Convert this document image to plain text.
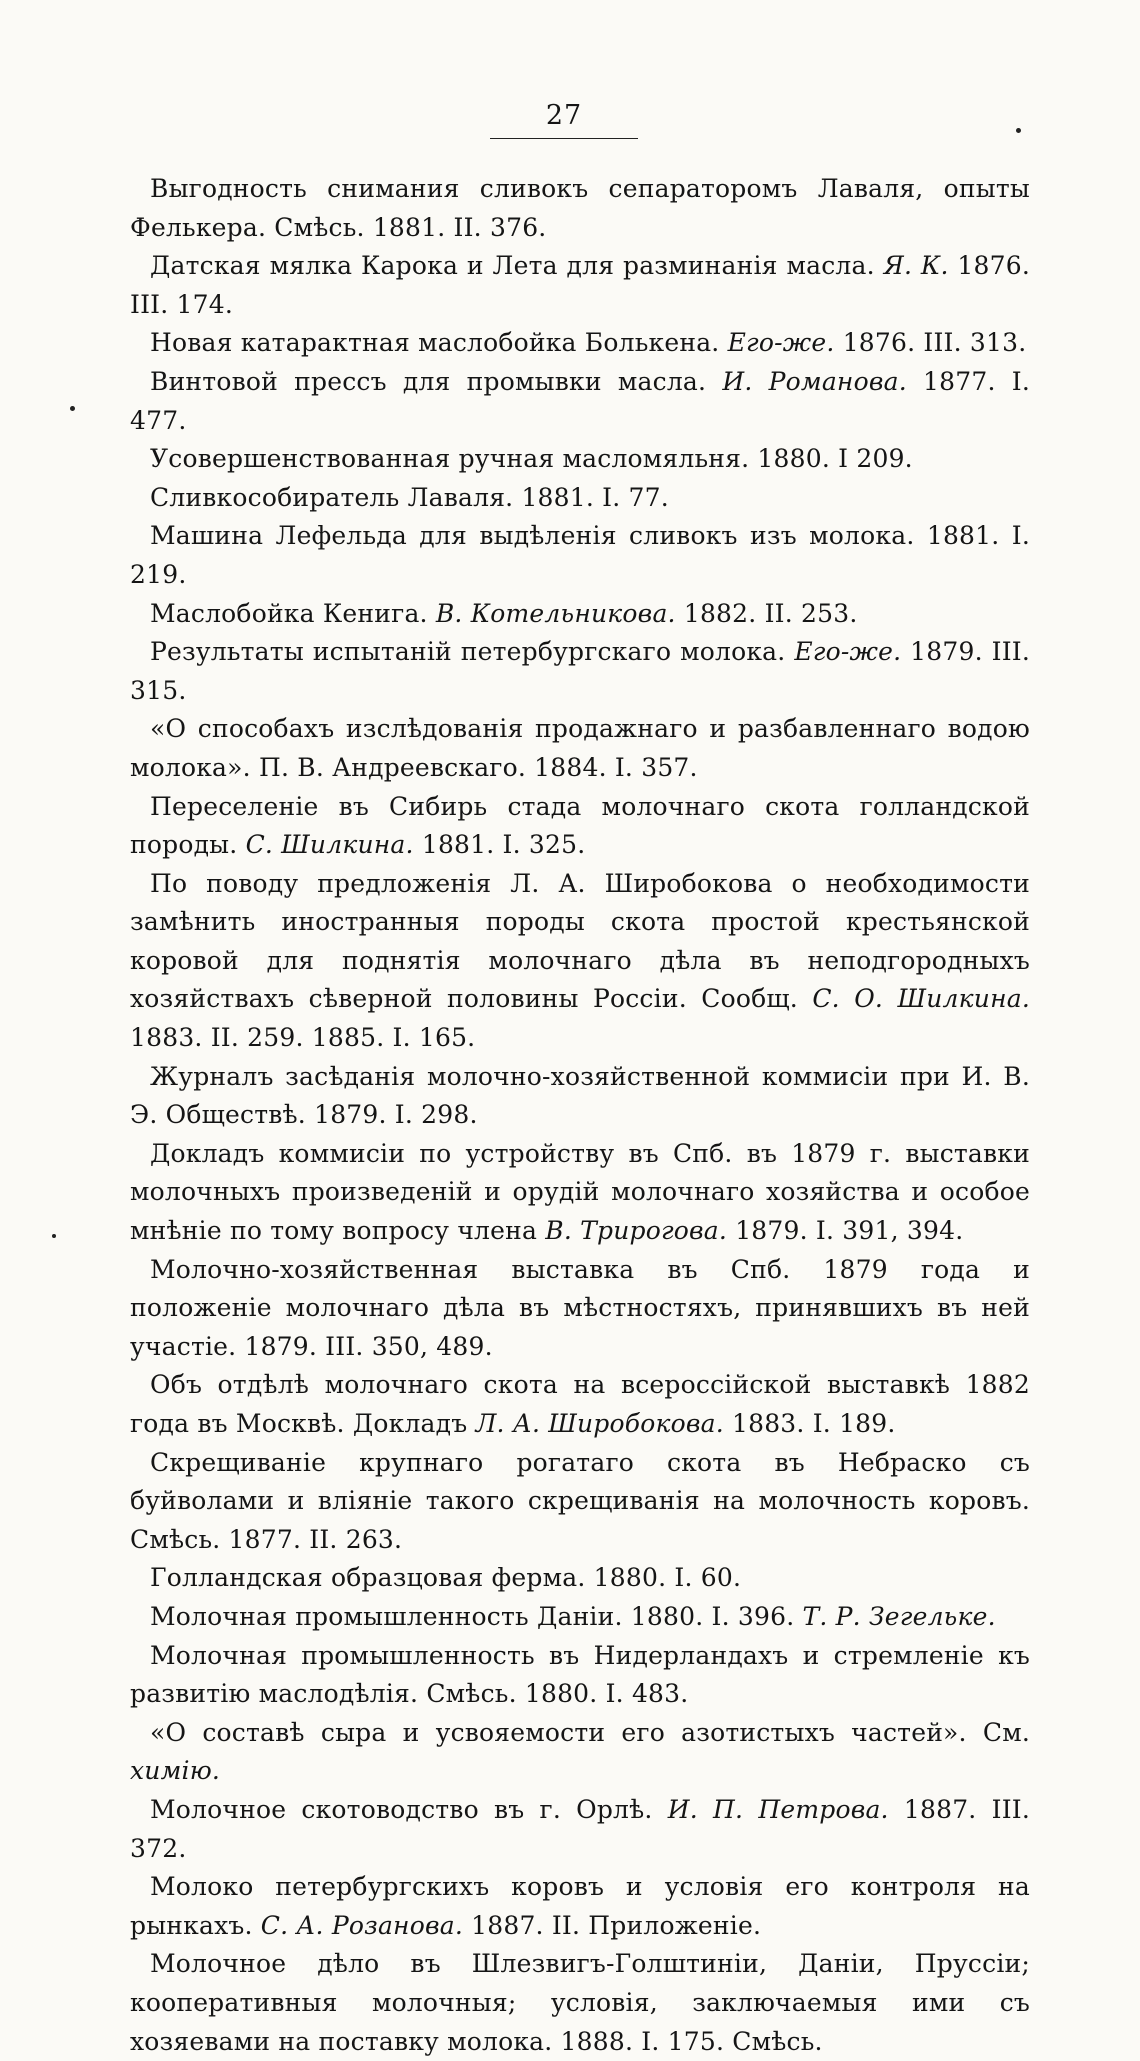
27

Выгодность снимания сливокъ сепараторомъ Лаваля, опыты Фелькера. Смѣсь. 1881. II. 376.

Датская мялка Карока и Лета для разминанія масла. Я. К. 1876. III. 174.

Новая катарактная маслобойка Болькена. Его-же. 1876. III. 313.

Винтовой прессъ для промывки масла. И. Романова. 1877. I. 477.

Усовершенствованная ручная масломяльня. 1880. I 209.

Сливкособиратель Лаваля. 1881. I. 77.

Машина Лефельда для выдѣленія сливокъ изъ молока. 1881. I. 219.

Маслобойка Кенига. В. Котельникова. 1882. II. 253.

Результаты испытаній петербургскаго молока. Его-же. 1879. III. 315.

«О способахъ изслѣдованія продажнаго и разбавленнаго водою молока». П. В. Андреевскаго. 1884. I. 357.

Переселеніе въ Сибирь стада молочнаго скота голландской породы. С. Шилкина. 1881. I. 325.

По поводу предложенія Л. А. Широбокова о необходимости замѣнить иностранныя породы скота простой крестьянской коровой для поднятія молочнаго дѣла въ неподгородныхъ хозяйствахъ сѣверной половины Россіи. Сообщ. С. О. Шилкина. 1883. II. 259. 1885. I. 165.

Журналъ засѣданія молочно-хозяйственной коммисіи при И. В. Э. Обществѣ. 1879. I. 298.

Докладъ коммисіи по устройству въ Спб. въ 1879 г. выставки молочныхъ произведеній и орудій молочнаго хозяйства и особое мнѣніе по тому вопросу члена В. Трирогова. 1879. I. 391, 394.

Молочно-хозяйственная выставка въ Спб. 1879 года и положеніе молочнаго дѣла въ мѣстностяхъ, принявшихъ въ ней участіе. 1879. III. 350, 489.

Объ отдѣлѣ молочнаго скота на всероссійской выставкѣ 1882 года въ Москвѣ. Докладъ Л. А. Широбокова. 1883. I. 189.

Скрещиваніе крупнаго рогатаго скота въ Небраско съ буйволами и вліяніе такого скрещиванія на молочность коровъ. Смѣсь. 1877. II. 263.

Голландская образцовая ферма. 1880. I. 60.

Молочная промышленность Даніи. 1880. I. 396. Т. Р. Зегельке.

Молочная промышленность въ Нидерландахъ и стремленіе къ развитію маслодѣлія. Смѣсь. 1880. I. 483.

«О составѣ сыра и усвояемости его азотистыхъ частей». См. химію.

Молочное скотоводство въ г. Орлѣ. И. П. Петрова. 1887. III. 372.

Молоко петербургскихъ коровъ и условія его контроля на рынкахъ. С. А. Розанова. 1887. II. Приложеніе.

Молочное дѣло въ Шлезвигъ-Голштиніи, Даніи, Пруссіи; кооперативныя молочныя; условія, заключаемыя ими съ хозяевами на поставку молока. 1888. I. 175. Смѣсь.
